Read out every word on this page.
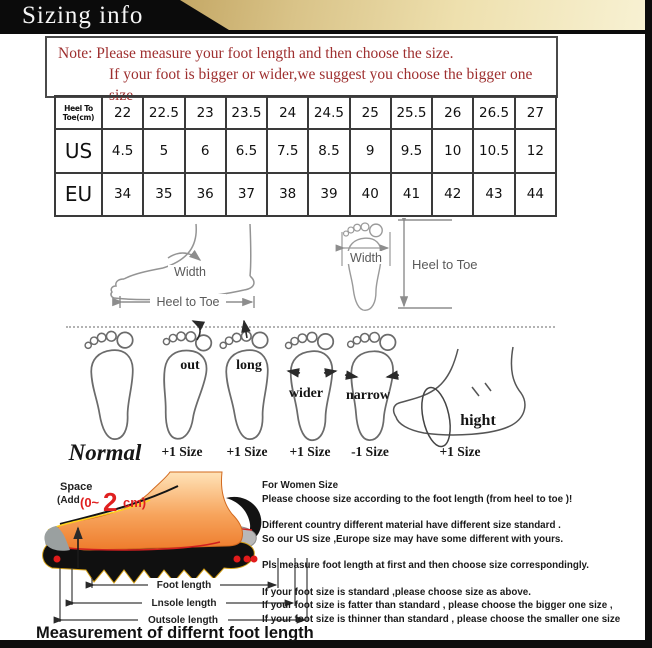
Sizing info
Note: Please measure your foot length and then choose the size.
If your foot is bigger or wider,we suggest you choose the bigger one size
Heel To Toe(cm)	22	22.5	23	23.5	24	24.5	25	25.5	26	26.5	27
US	4.5	5	6	6.5	7.5	8.5	9	9.5	10	10.5	12
EU	34	35	36	37	38	39	40	41	42	43	44
Width
Heel to Toe
Width Heel to Toe
out	long
wider narrow
hight
Normal +1 Size +1 Size +1 Size -1 Size	+1 Size
Space
(Add (0~ 2 cm)
Foot length
Lnsole length
Outsole length
Measurement of differnt foot length
For Women Size
Please choose size according to the foot length (from heel to toe )!
Different country different material have different size standard .
So our US size ,Europe size may have some different with yours.
Pls measure foot length at first and then choose size correspondingly.
If your foot size is standard ,please choose size as above.
If your foot size is fatter than standard , please choose the bigger one size ,
If your foot size is thinner than standard , please choose the smaller one size
